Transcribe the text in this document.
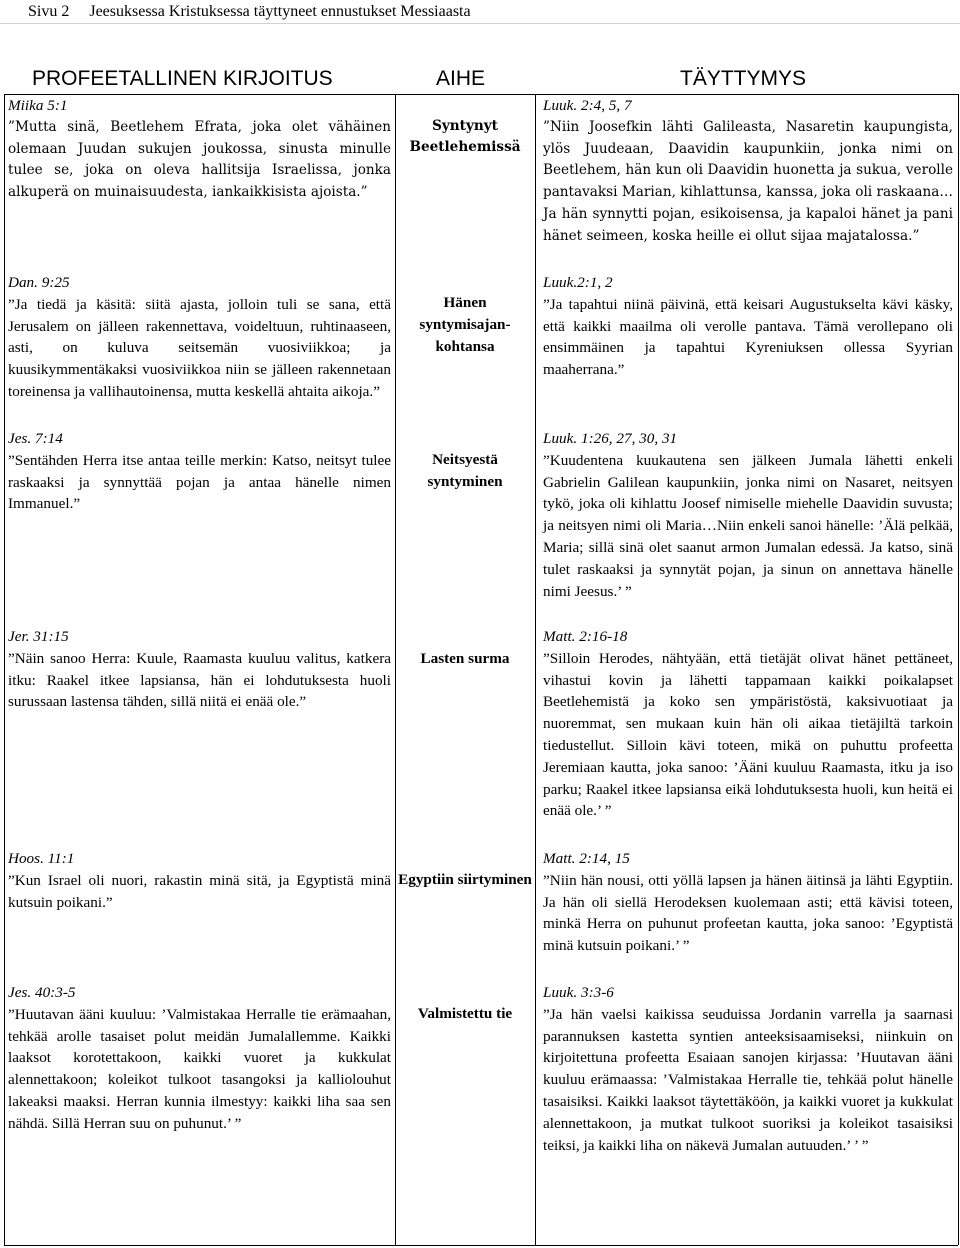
Sivu 2 Jeesuksessa Kristuksessa täyttyneet ennustukset Messiaasta
PROFEETALLINEN KIRJOITUS	AIHE	TÄYTTYMYS
Miika 5:1
”Mutta sinä, Beetlehem Efrata, joka olet vähäinen olemaan Juudan sukujen joukossa, sinusta minulle tulee se, joka on oleva hallitsija Israelissa, jonka alkuperä on muinaisuudesta, iankaikkisista ajoista.”
Syntynyt Beetlehemissä
Luuk. 2:4, 5, 7
”Niin Joosefkin lähti Galileasta, Nasaretin kaupungista, ylös Juudeaan, Daavidin kaupunkiin, jonka nimi on Beetlehem, hän kun oli Daavidin huonetta ja sukua, verolle pantavaksi Marian, kihlattunsa, kanssa, joka oli raskaana…Ja hän synnytti pojan, esikoisensa, ja kapaloi hänet ja pani hänet seimeen, koska heille ei ollut sijaa majatalossa.”
Dan. 9:25
”Ja tiedä ja käsitä: siitä ajasta, jolloin tuli se sana, että Jerusalem on jälleen rakennettava, voideltuun, ruhtinaaseen, asti, on kuluva seitsemän vuosiviikkoa; ja kuusikymmentäkaksi vuosiviikkoa niin se jälleen rakennetaan toreinensa ja vallihautoinensa, mutta keskellä ahtaita aikoja.”
Hänen syntymisajan-kohtansa
Luuk.2:1, 2
”Ja tapahtui niinä päivinä, että keisari Augustukselta kävi käsky, että kaikki maailma oli verolle pantava. Tämä verollepano oli ensimmäinen ja tapahtui Kyreniuksen ollessa Syyrian maaherrana.”
Jes. 7:14
”Sentähden Herra itse antaa teille merkin: Katso, neitsyt tulee raskaaksi ja synnyttää pojan ja antaa hänelle nimen Immanuel.”
Neitsyestä syntyminen
Luuk. 1:26, 27, 30, 31
”Kuudentena kuukautena sen jälkeen Jumala lähetti enkeli Gabrielin Galilean kaupunkiin, jonka nimi on Nasaret, neitsyen tykö, joka oli kihlattu Joosef nimiselle miehelle Daavidin suvusta; ja neitsyen nimi oli Maria…Niin enkeli sanoi hänelle: ’Älä pelkää, Maria; sillä sinä olet saanut armon Jumalan edessä. Ja katso, sinä tulet raskaaksi ja synnytät pojan, ja sinun on annettava hänelle nimi Jeesus.’ ”
Jer. 31:15
”Näin sanoo Herra: Kuule, Raamasta kuuluu valitus, katkera itku: Raakel itkee lapsiansa, hän ei lohdutuksesta huoli surussaan lastensa tähden, sillä niitä ei enää ole.”
Lasten surma
Matt. 2:16-18
”Silloin Herodes, nähtyään, että tietäjät olivat hänet pettäneet, vihastui kovin ja lähetti tappamaan kaikki poikalapset Beetlehemistä ja koko sen ympäristöstä, kaksivuotiaat ja nuoremmat, sen mukaan kuin hän oli aikaa tietäjiltä tarkoin tiedustellut. Silloin kävi toteen, mikä on puhuttu profeetta Jeremiaan kautta, joka sanoo: ’Ääni kuuluu Raamasta, itku ja iso parku; Raakel itkee lapsiansa eikä lohdutuksesta huoli, kun heitä ei enää ole.’ ”
Hoos. 11:1
”Kun Israel oli nuori, rakastin minä sitä, ja Egyptistä minä kutsuin poikani.”
Egyptiin siirtyminen
Matt. 2:14, 15
”Niin hän nousi, otti yöllä lapsen ja hänen äitinsä ja lähti Egyptiin. Ja hän oli siellä Herodeksen kuolemaan asti; että kävisi toteen, minkä Herra on puhunut profeetan kautta, joka sanoo: ’Egyptistä minä kutsuin poikani.’ ”
Jes. 40:3-5
”Huutavan ääni kuuluu: ’Valmistakaa Herralle tie erämaahan, tehkää arolle tasaiset polut meidän Jumalallemme. Kaikki laaksot korotettakoon, kaikki vuoret ja kukkulat alennettakoon; koleikot tulkoot tasangoksi ja kalliolouhut lakeaksi maaksi. Herran kunnia ilmestyy: kaikki liha saa sen nähdä. Sillä Herran suu on puhunut.’ ”
Valmistettu tie
Luuk. 3:3-6
”Ja hän vaelsi kaikissa seuduissa Jordanin varrella ja saarnasi parannuksen kastetta syntien anteeksisaamiseksi, niinkuin on kirjoitettuna profeetta Esaiaan sanojen kirjassa: ’Huutavan ääni kuuluu erämaassa: ’Valmistakaa Herralle tie, tehkää polut hänelle tasaisiksi. Kaikki laaksot täytettäköön, ja kaikki vuoret ja kukkulat alennettakoon, ja mutkat tulkoot suoriksi ja koleikot tasaisiksi teiksi, ja kaikki liha on näkevä Jumalan autuuden.’ ’ ”
